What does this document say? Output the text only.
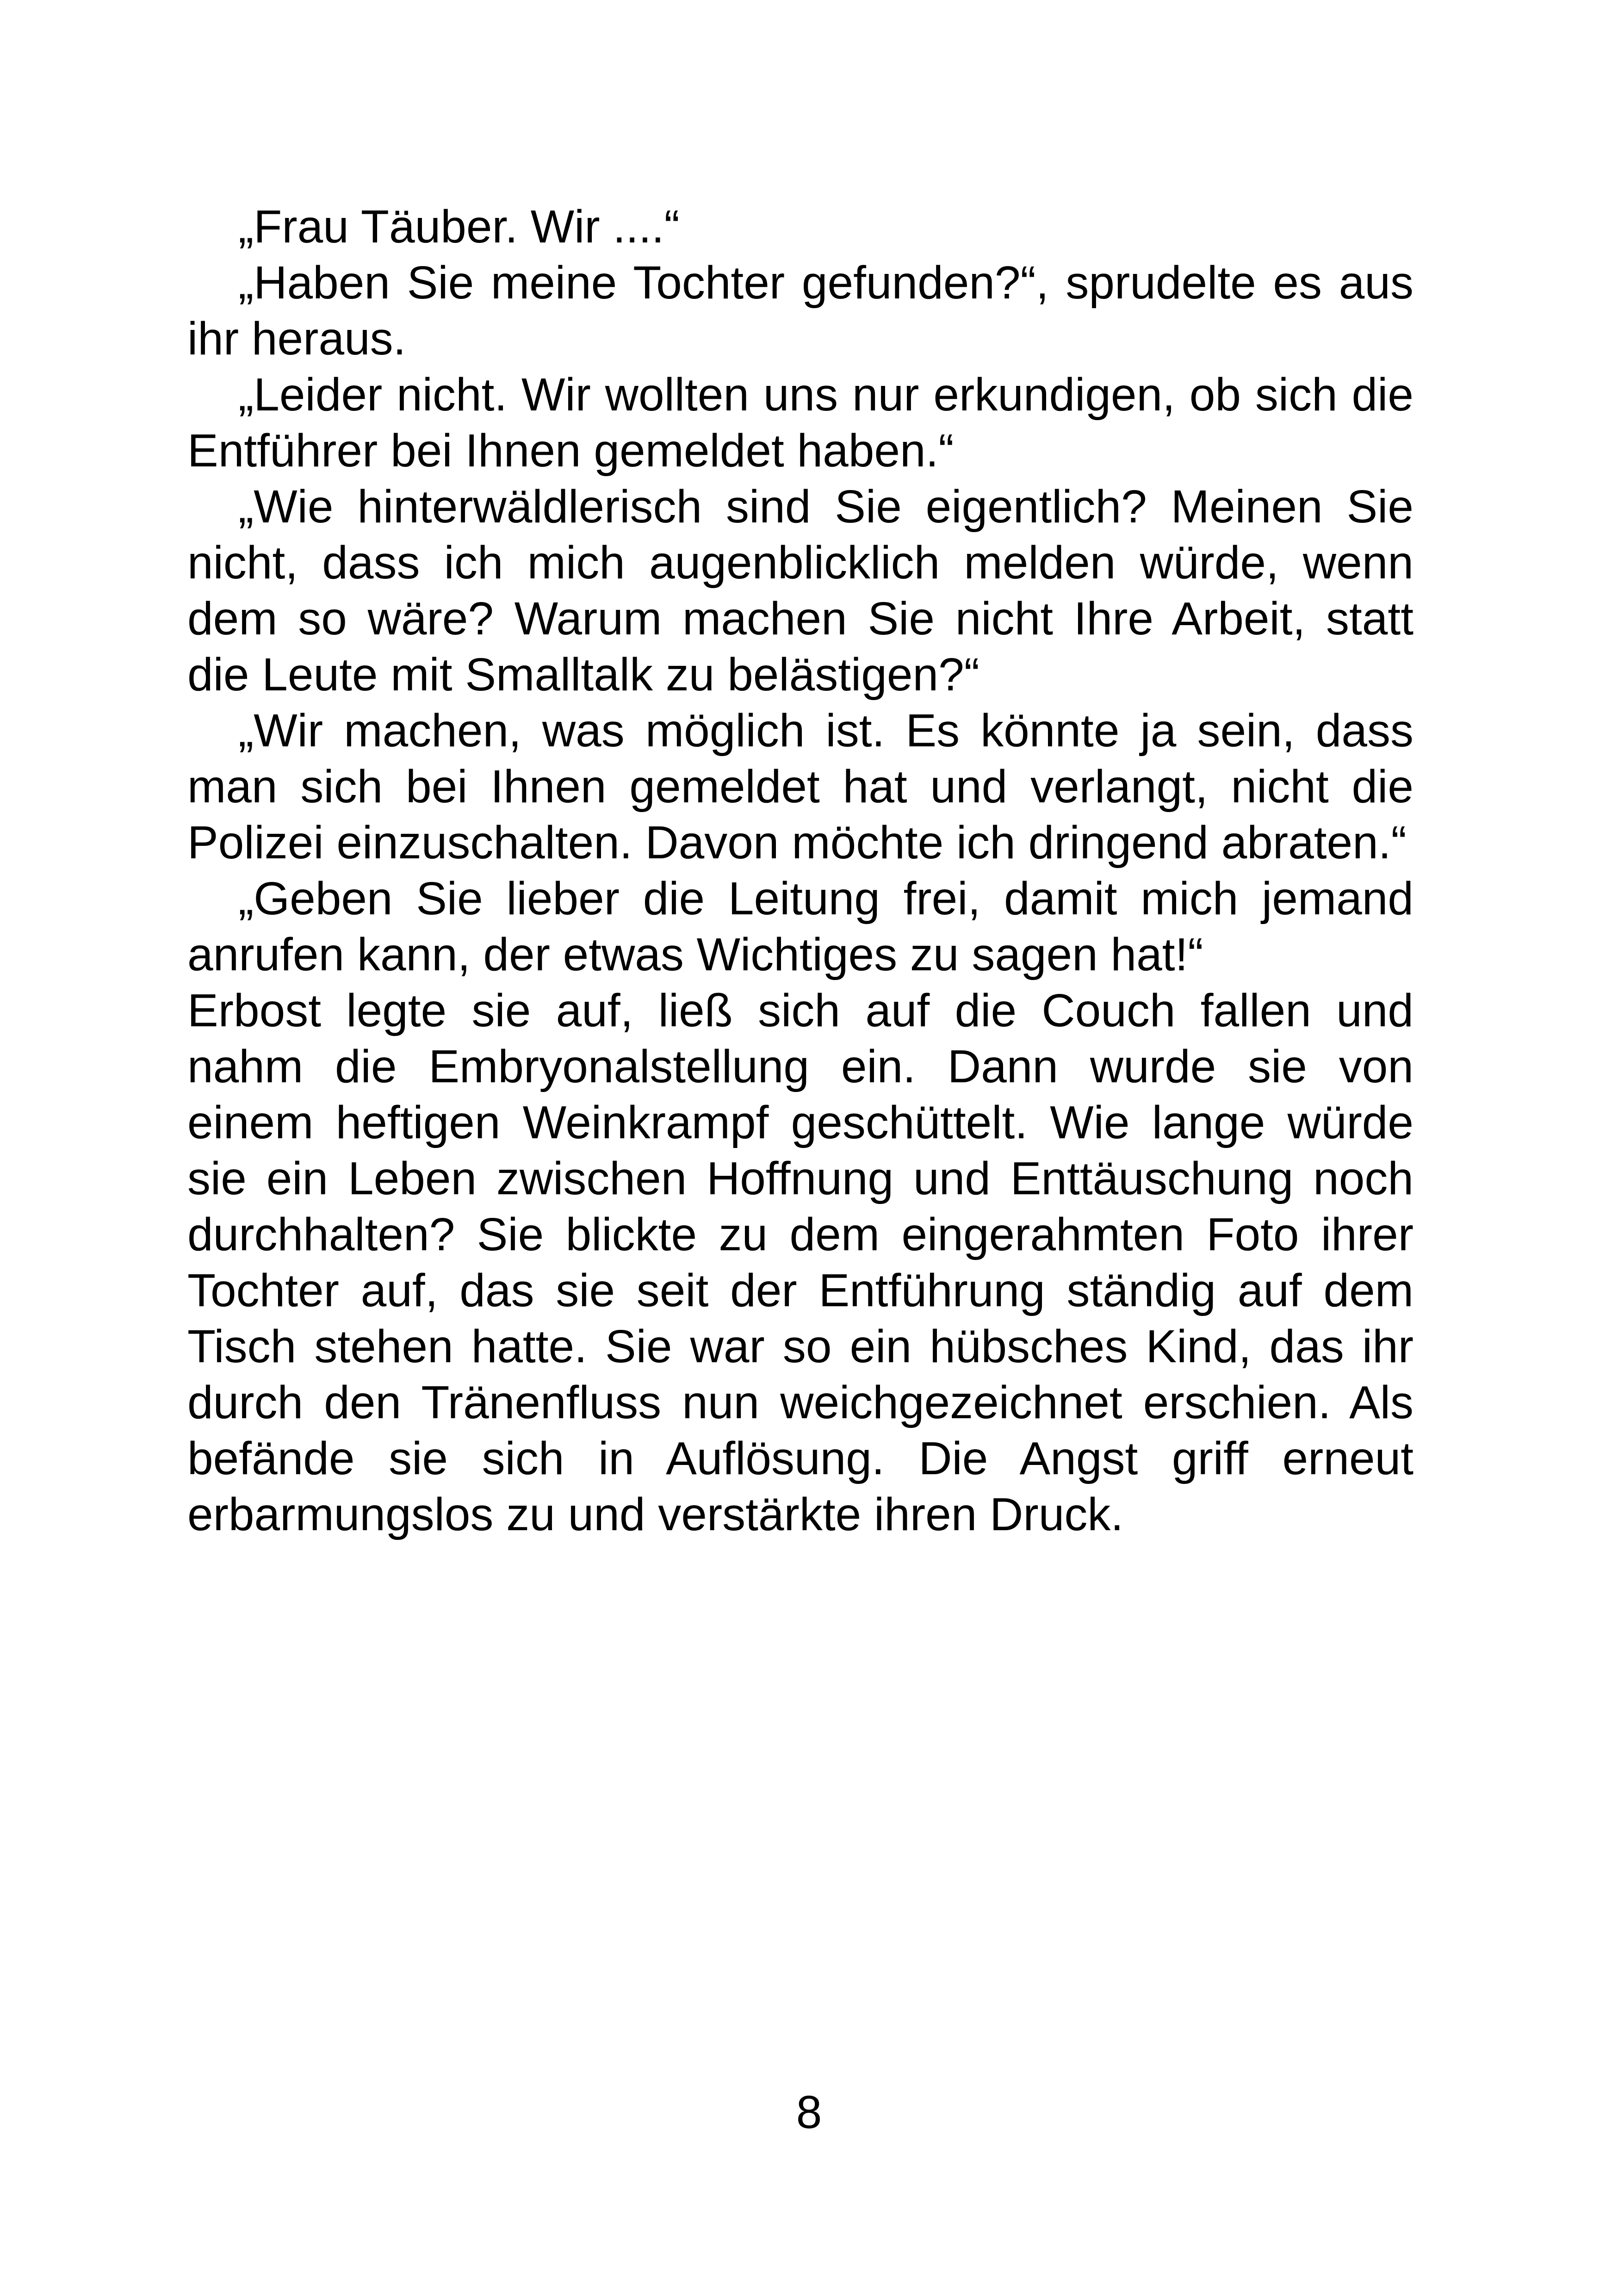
„Frau Täuber. Wir ....“

„Haben Sie meine Tochter gefunden?“, sprudelte es aus ihr heraus.

„Leider nicht. Wir wollten uns nur erkundigen, ob sich die Entführer bei Ihnen gemeldet haben.“

„Wie hinterwäldlerisch sind Sie eigentlich? Meinen Sie nicht, dass ich mich augenblicklich melden würde, wenn dem so wäre? Warum machen Sie nicht Ihre Arbeit, statt die Leute mit Smalltalk zu belästigen?“

„Wir machen, was möglich ist. Es könnte ja sein, dass man sich bei Ihnen gemeldet hat und verlangt, nicht die Polizei einzuschalten. Davon möchte ich dringend abraten.“

„Geben Sie lieber die Leitung frei, damit mich jemand anrufen kann, der etwas Wichtiges zu sagen hat!“

Erbost legte sie auf, ließ sich auf die Couch fallen und nahm die Embryonalstellung ein. Dann wurde sie von einem heftigen Weinkrampf geschüttelt. Wie lange würde sie ein Leben zwischen Hoffnung und Enttäuschung noch durchhalten? Sie blickte zu dem eingerahmten Foto ihrer Tochter auf, das sie seit der Entführung ständig auf dem Tisch stehen hatte. Sie war so ein hübsches Kind, das ihr durch den Tränenfluss nun weichgezeichnet erschien. Als befände sie sich in Auflösung. Die Angst griff erneut erbarmungslos zu und verstärkte ihren Druck.

8
